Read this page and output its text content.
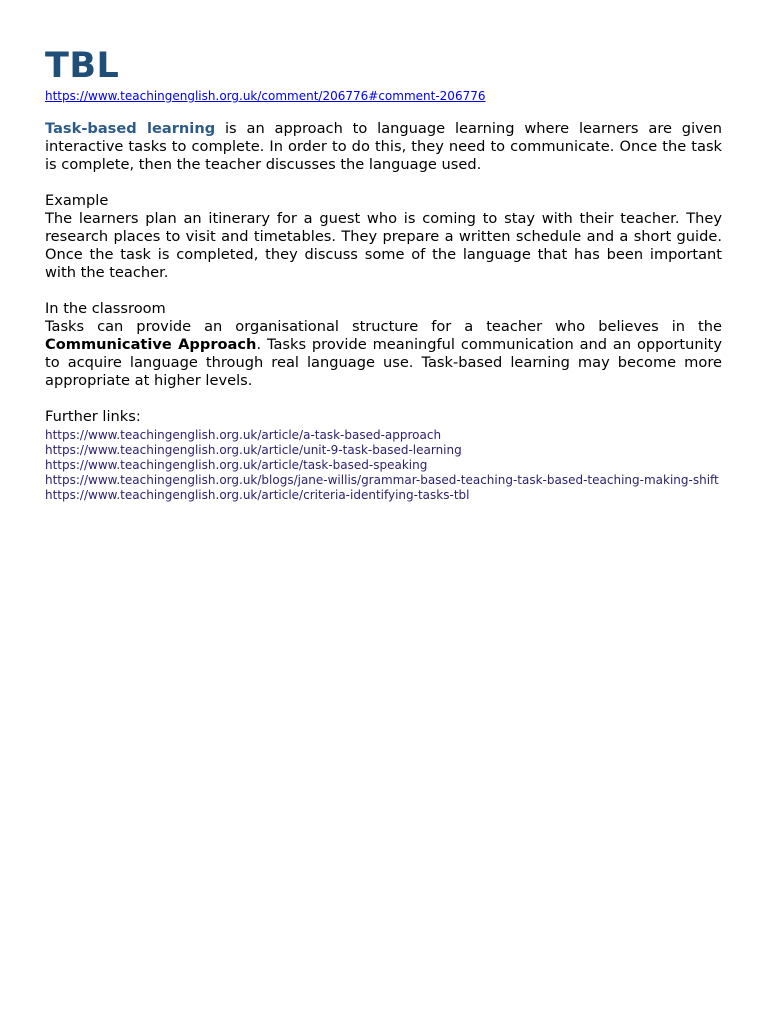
TBL
https://www.teachingenglish.org.uk/comment/206776#comment-206776

Task-based learning is an approach to language learning where learners are given interactive tasks to complete. In order to do this, they need to communicate. Once the task is complete, then the teacher discusses the language used.

Example

The learners plan an itinerary for a guest who is coming to stay with their teacher. They research places to visit and timetables. They prepare a written schedule and a short guide. Once the task is completed, they discuss some of the language that has been important with the teacher.

In the classroom

Tasks can provide an organisational structure for a teacher who believes in the Communicative Approach. Tasks provide meaningful communication and an opportunity to acquire language through real language use. Task-based learning may become more appropriate at higher levels.

Further links:

https://www.teachingenglish.org.uk/article/a-task-based-approach
https://www.teachingenglish.org.uk/article/unit-9-task-based-learning
https://www.teachingenglish.org.uk/article/task-based-speaking
https://www.teachingenglish.org.uk/blogs/jane-willis/grammar-based-teaching-task-based-teaching-making-shift
https://www.teachingenglish.org.uk/article/criteria-identifying-tasks-tbl
